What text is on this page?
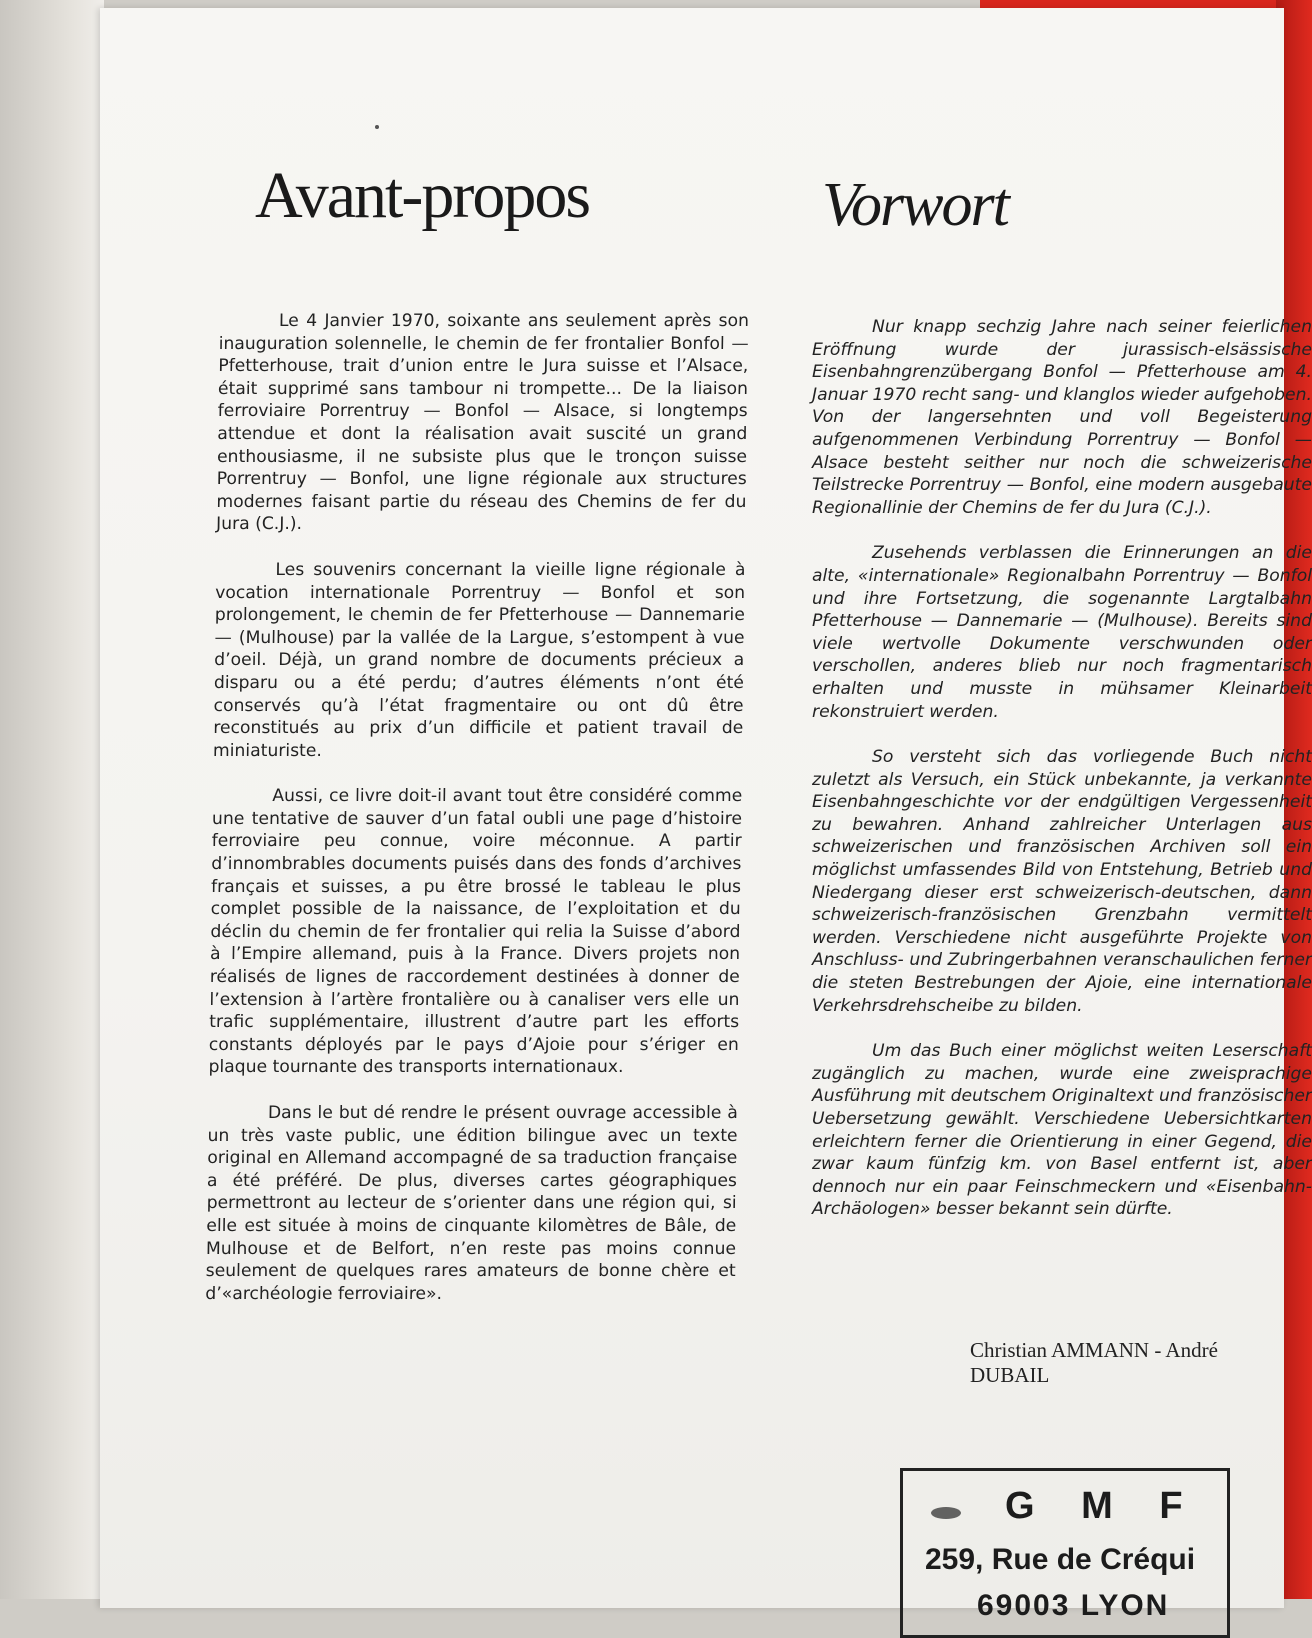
Avant-propos	Vorwort

Le 4 Janvier 1970, soixante ans seulement après son inauguration solennelle, le chemin de fer frontalier Bonfol — Pfetterhouse, trait d’union entre le Jura suisse et l’Alsace, était supprimé sans tambour ni trompette... De la liaison ferroviaire Porrentruy — Bonfol — Alsace, si longtemps attendue et dont la réalisation avait suscité un grand enthousiasme, il ne subsiste plus que le tronçon suisse Porrentruy — Bonfol, une ligne régionale aux structures modernes faisant partie du réseau des Chemins de fer du Jura (C.J.).

Les souvenirs concernant la vieille ligne régionale à vocation internationale Porrentruy — Bonfol et son prolongement, le chemin de fer Pfetterhouse — Dannemarie — (Mulhouse) par la vallée de la Largue, s’estompent à vue d’oeil. Déjà, un grand nombre de documents précieux a disparu ou a été perdu; d’autres éléments n’ont été conservés qu’à l’état fragmentaire ou ont dû être reconstitués au prix d’un difficile et patient travail de miniaturiste.

Aussi, ce livre doit-il avant tout être considéré comme une tentative de sauver d’un fatal oubli une page d’histoire ferroviaire peu connue, voire méconnue. A partir d’innombrables documents puisés dans des fonds d’archives français et suisses, a pu être brossé le tableau le plus complet possible de la naissance, de l’exploitation et du déclin du chemin de fer frontalier qui relia la Suisse d’abord à l’Empire allemand, puis à la France. Divers projets non réalisés de lignes de raccordement destinées à donner de l’extension à l’artère frontalière ou à canaliser vers elle un trafic supplémentaire, illustrent d’autre part les efforts constants déployés par le pays d’Ajoie pour s’ériger en plaque tournante des transports internationaux.

Dans le but dé rendre le présent ouvrage accessible à un très vaste public, une édition bilingue avec un texte original en Allemand accompagné de sa traduction française a été préféré. De plus, diverses cartes géographiques permettront au lecteur de s’orienter dans une région qui, si elle est située à moins de cinquante kilomètres de Bâle, de Mulhouse et de Belfort, n’en reste pas moins connue seulement de quelques rares amateurs de bonne chère et d’«archéologie ferroviaire».

Nur knapp sechzig Jahre nach seiner feierlichen Eröffnung wurde der jurassisch-elsässische Eisenbahngrenzübergang Bonfol — Pfetterhouse am 4. Januar 1970 recht sang- und klanglos wieder aufgehoben. Von der langersehnten und voll Begeisterung aufgenommenen Verbindung Porrentruy — Bonfol — Alsace besteht seither nur noch die schweizerische Teilstrecke Porrentruy — Bonfol, eine modern ausgebaute Regionallinie der Chemins de fer du Jura (C.J.).

Zusehends verblassen die Erinnerungen an die alte, «internationale» Regionalbahn Porrentruy — Bonfol und ihre Fortsetzung, die sogenannte Largtalbahn Pfetterhouse — Dannemarie — (Mulhouse). Bereits sind viele wertvolle Dokumente verschwunden oder verschollen, anderes blieb nur noch fragmentarisch erhalten und musste in mühsamer Kleinarbeit rekonstruiert werden.

So versteht sich das vorliegende Buch nicht zuletzt als Versuch, ein Stück unbekannte, ja verkannte Eisenbahngeschichte vor der endgültigen Vergessenheit zu bewahren. Anhand zahlreicher Unterlagen aus schweizerischen und französischen Archiven soll ein möglichst umfassendes Bild von Entstehung, Betrieb und Niedergang dieser erst schweizerisch-deutschen, dann schweizerisch-französischen Grenzbahn vermittelt werden. Verschiedene nicht ausgeführte Projekte von Anschluss- und Zubringerbahnen veranschaulichen ferner die steten Bestrebungen der Ajoie, eine internationale Verkehrsdrehscheibe zu bilden.

Um das Buch einer möglichst weiten Leserschaft zugänglich zu machen, wurde eine zweisprachige Ausführung mit deutschem Originaltext und französischer Uebersetzung gewählt. Verschiedene Uebersichtkarten erleichtern ferner die Orientierung in einer Gegend, die zwar kaum fünfzig km. von Basel entfernt ist, aber dennoch nur ein paar Feinschmeckern und «Eisenbahn-Archäologen» besser bekannt sein dürfte.

Christian AMMANN - André DUBAIL
G M F
259, Rue de Créqui
69003 LYON
